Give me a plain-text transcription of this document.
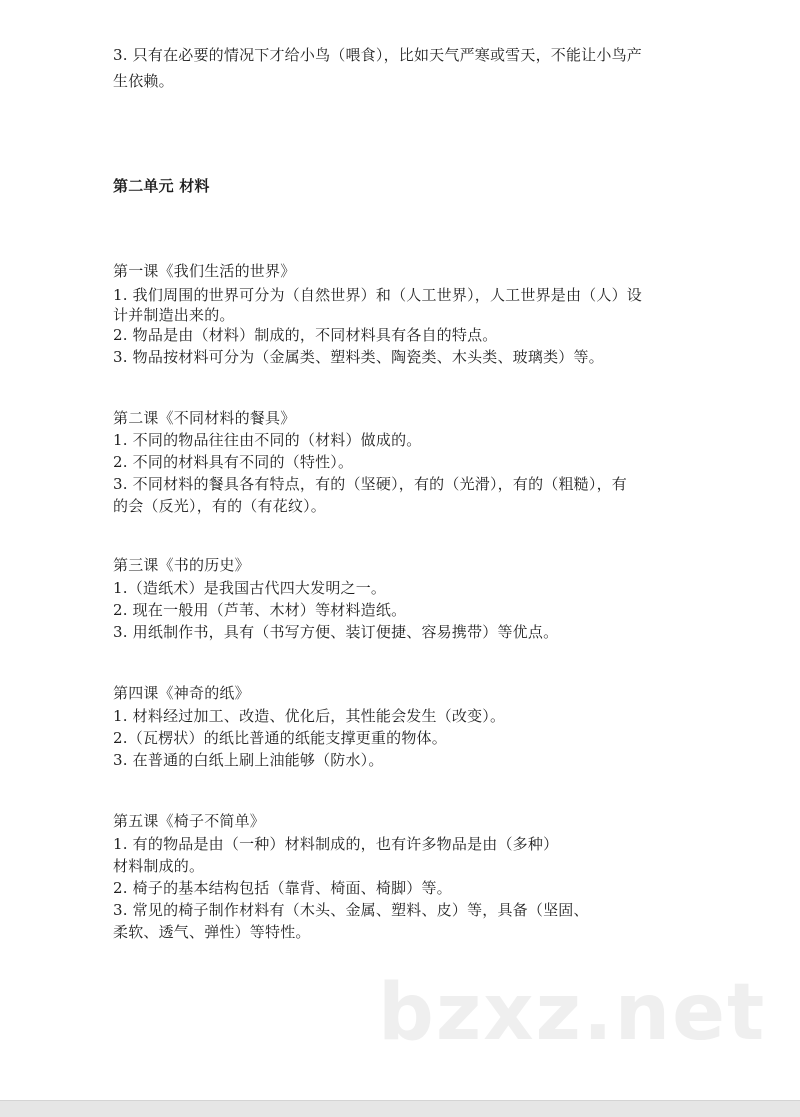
3. 只有在必要的情况下才给小鸟（喂食），比如天气严寒或雪天，不能让小鸟产
生依赖。
第二单元 材料
第一课《我们生活的世界》
1. 我们周围的世界可分为（自然世界）和（人工世界），人工世界是由（人）设
计并制造出来的。
2. 物品是由（材料）制成的，不同材料具有各自的特点。
3. 物品按材料可分为（金属类、塑料类、陶瓷类、木头类、玻璃类）等。
第二课《不同材料的餐具》
1. 不同的物品往往由不同的（材料）做成的。
2. 不同的材料具有不同的（特性）。
3. 不同材料的餐具各有特点，有的（坚硬），有的（光滑），有的（粗糙），有
的会（反光），有的（有花纹）。
第三课《书的历史》
1.（造纸术）是我国古代四大发明之一。
2. 现在一般用（芦苇、木材）等材料造纸。
3. 用纸制作书，具有（书写方便、装订便捷、容易携带）等优点。
第四课《神奇的纸》
1. 材料经过加工、改造、优化后，其性能会发生（改变）。
2.（瓦楞状）的纸比普通的纸能支撑更重的物体。
3. 在普通的白纸上刷上油能够（防水）。
第五课《椅子不简单》
1. 有的物品是由（一种）材料制成的，也有许多物品是由（多种）
材料制成的。
2. 椅子的基本结构包括（靠背、椅面、椅脚）等。
3. 常见的椅子制作材料有（木头、金属、塑料、皮）等，具备（坚固、
柔软、透气、弹性）等特性。
bzxz.net
